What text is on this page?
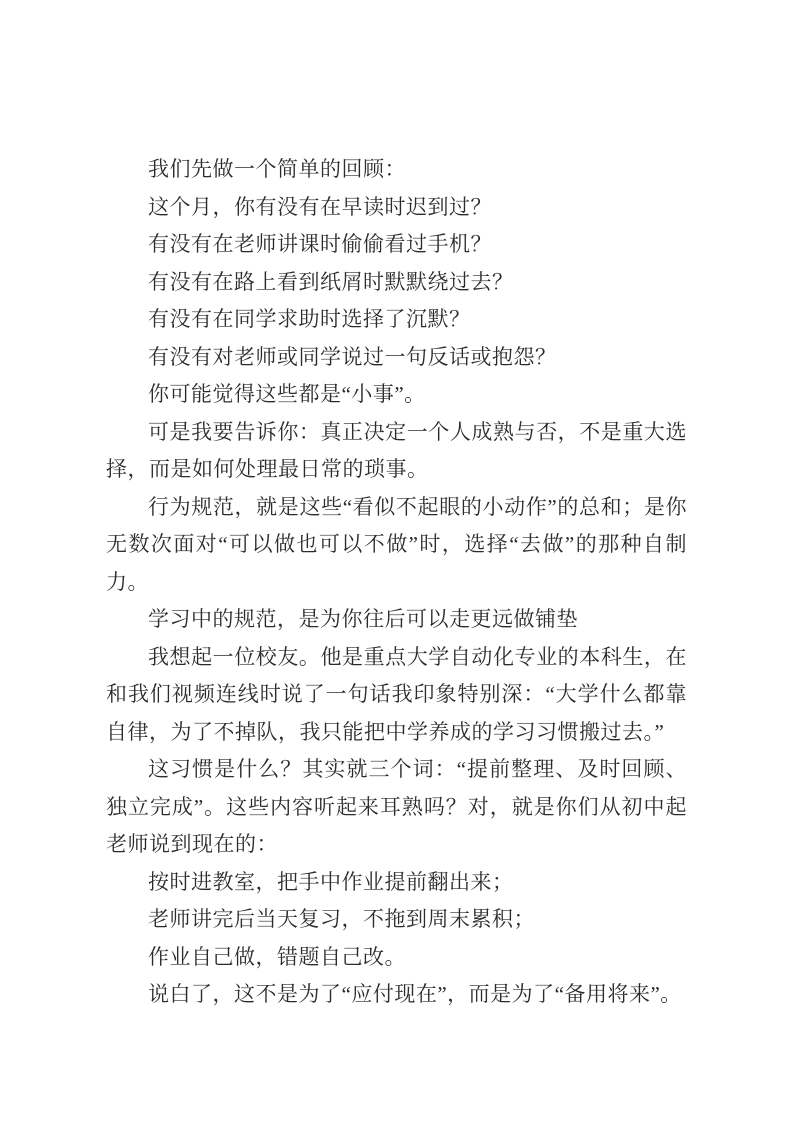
我们先做一个简单的回顾：

这个月，你有没有在早读时迟到过？

有没有在老师讲课时偷偷看过手机？

有没有在路上看到纸屑时默默绕过去？

有没有在同学求助时选择了沉默？

有没有对老师或同学说过一句反话或抱怨？

你可能觉得这些都是“小事”。

可是我要告诉你：真正决定一个人成熟与否，不是重大选择，而是如何处理最日常的琐事。

行为规范，就是这些“看似不起眼的小动作”的总和；是你无数次面对“可以做也可以不做”时，选择“去做”的那种自制力。

学习中的规范，是为你往后可以走更远做铺垫

我想起一位校友。他是重点大学自动化专业的本科生，在和我们视频连线时说了一句话我印象特别深：“大学什么都靠自律，为了不掉队，我只能把中学养成的学习习惯搬过去。”

这习惯是什么？其实就三个词：“提前整理、及时回顾、独立完成”。这些内容听起来耳熟吗？对，就是你们从初中起老师说到现在的：

按时进教室，把手中作业提前翻出来；

老师讲完后当天复习，不拖到周末累积；

作业自己做，错题自己改。

说白了，这不是为了“应付现在”，而是为了“备用将来”。
